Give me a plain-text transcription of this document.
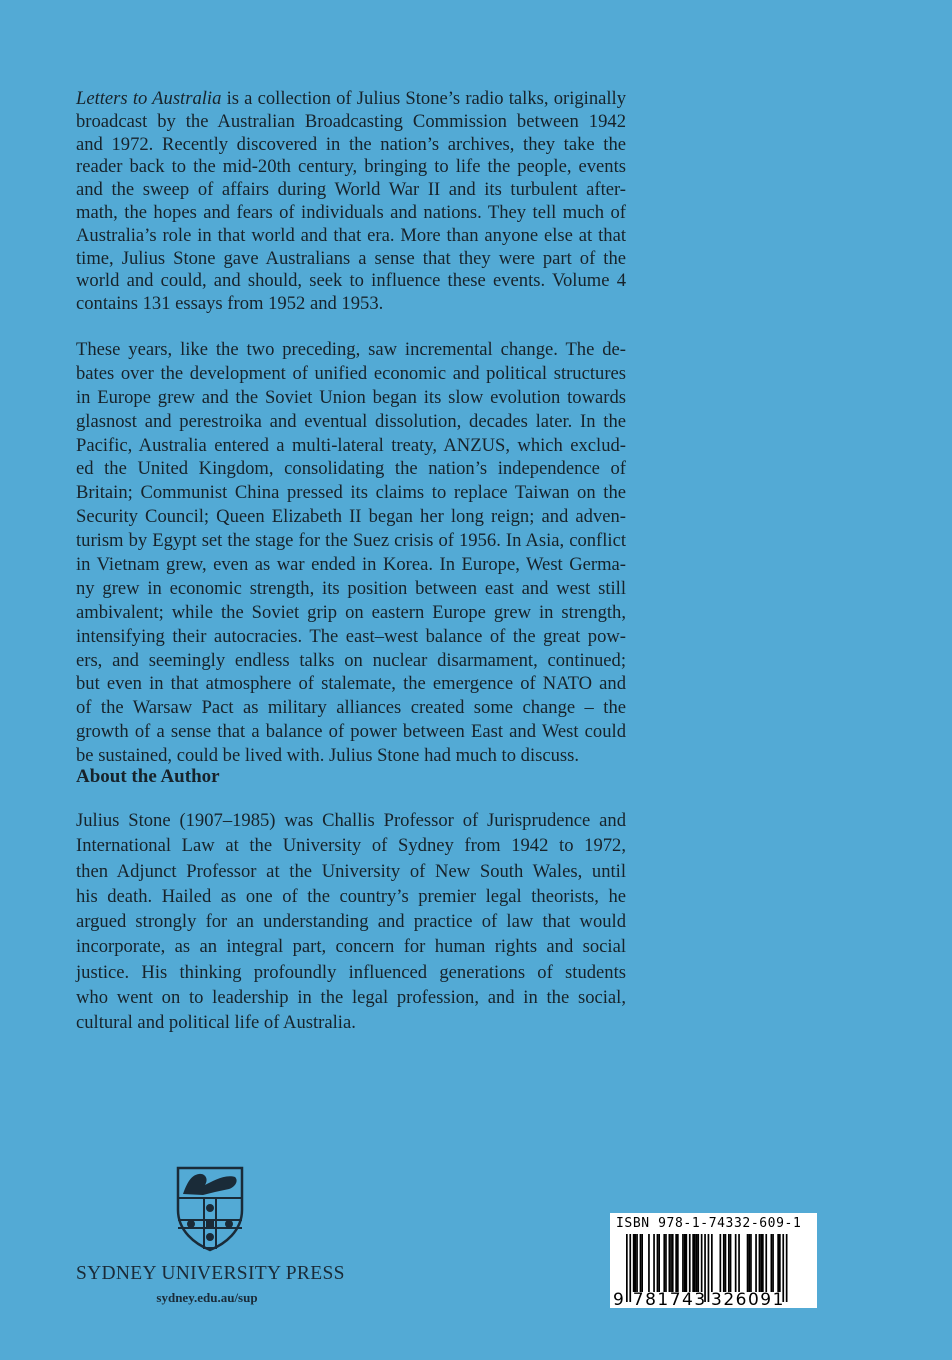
Letters to Australia is a collection of Julius Stone’s radio talks, originally
broadcast by the Australian Broadcasting Commission between 1942
and 1972. Recently discovered in the nation’s archives, they take the
reader back to the mid-20th century, bringing to life the people, events
and the sweep of affairs during World War II and its turbulent after-
math, the hopes and fears of individuals and nations. They tell much of
Australia’s role in that world and that era. More than anyone else at that
time, Julius Stone gave Australians a sense that they were part of the
world and could, and should, seek to influence these events. Volume 4
contains 131 essays from 1952 and 1953.
These years, like the two preceding, saw incremental change. The de-
bates over the development of unified economic and political structures
in Europe grew and the Soviet Union began its slow evolution towards
glasnost and perestroika and eventual dissolution, decades later. In the
Pacific, Australia entered a multi-lateral treaty, ANZUS, which exclud-
ed the United Kingdom, consolidating the nation’s independence of
Britain; Communist China pressed its claims to replace Taiwan on the
Security Council; Queen Elizabeth II began her long reign; and adven-
turism by Egypt set the stage for the Suez crisis of 1956. In Asia, conflict
in Vietnam grew, even as war ended in Korea. In Europe, West Germa-
ny grew in economic strength, its position between east and west still
ambivalent; while the Soviet grip on eastern Europe grew in strength,
intensifying their autocracies. The east–west balance of the great pow-
ers, and seemingly endless talks on nuclear disarmament, continued;
but even in that atmosphere of stalemate, the emergence of NATO and
of the Warsaw Pact as military alliances created some change – the
growth of a sense that a balance of power between East and West could
be sustained, could be lived with. Julius Stone had much to discuss.
About the Author
Julius Stone (1907–1985) was Challis Professor of Jurisprudence and
International Law at the University of Sydney from 1942 to 1972,
then Adjunct Professor at the University of New South Wales, until
his death. Hailed as one of the country’s premier legal theorists, he
argued strongly for an understanding and practice of law that would
incorporate, as an integral part, concern for human rights and social
justice. His thinking profoundly influenced generations of students
who went on to leadership in the legal profession, and in the social,
cultural and political life of Australia.
SYDNEY UNIVERSITY PRESS
sydney.edu.au/sup
ISBN 978-1-74332-609-1
9 781743 326091
